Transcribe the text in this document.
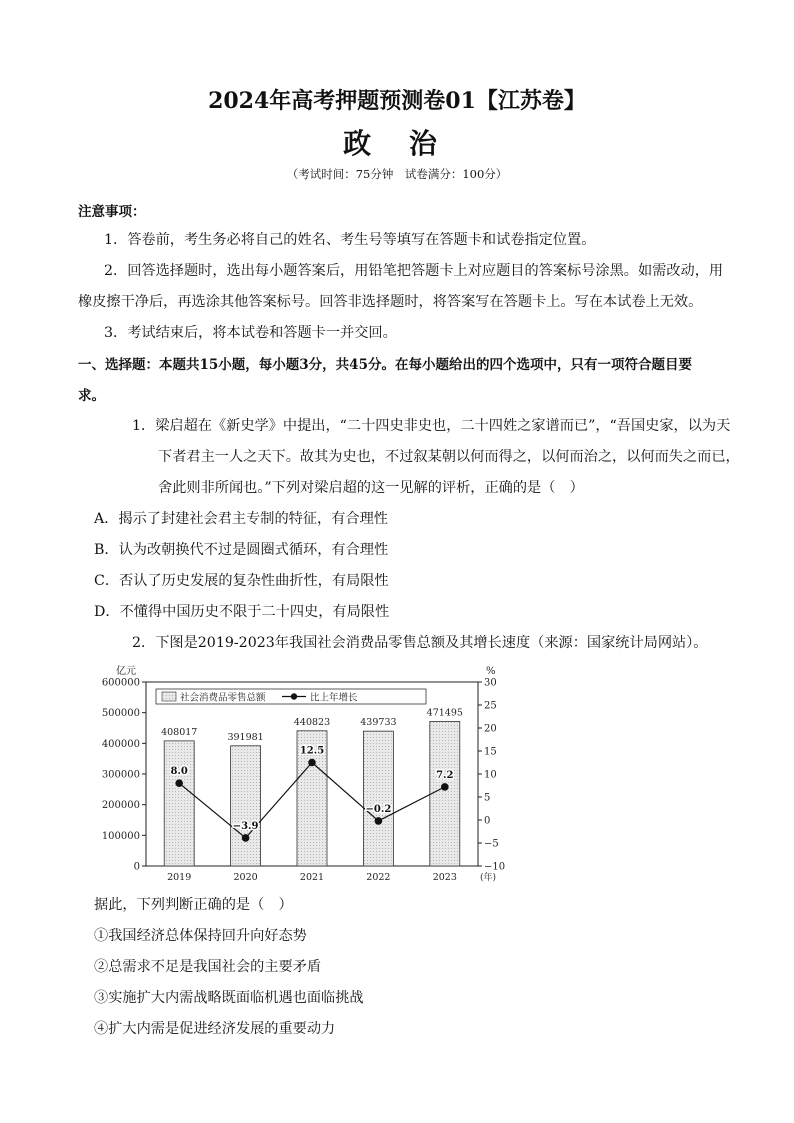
2024年高考押题预测卷01【江苏卷】
政 治
（考试时间：75分钟　试卷满分：100分）
注意事项：
1．答卷前，考生务必将自己的姓名、考生号等填写在答题卡和试卷指定位置。
2．回答选择题时，选出每小题答案后，用铅笔把答题卡上对应题目的答案标号涂黑。如需改动，用
橡皮擦干净后，再选涂其他答案标号。回答非选择题时，将答案写在答题卡上。写在本试卷上无效。
3．考试结束后，将本试卷和答题卡一并交回。
一、选择题：本题共15小题，每小题3分，共45分。在每小题给出的四个选项中，只有一项符合题目要
求。
1．梁启超在《新史学》中提出，“二十四史非史也，二十四姓之家谱而已”，“吾国史家，以为天
下者君主一人之天下。故其为史也，不过叙某朝以何而得之，以何而治之，以何而失之而已，
舍此则非所闻也。”下列对梁启超的这一见解的评析，正确的是（　）
A．揭示了封建社会君主专制的特征，有合理性
B．认为改朝换代不过是圆圈式循环，有合理性
C．否认了历史发展的复杂性曲折性，有局限性
D．不懂得中国历史不限于二十四史，有局限性
2．下图是2019-2023年我国社会消费品零售总额及其增长速度（来源：国家统计局网站）。
亿元	%
0
100000
200000
300000
400000
500000
600000
−10
−5
0
5
10
15
20
25
30
408017
2019
391981
2020
440823
2021
439733
2022
471495
2023	(年)
8.0
−3.9
12.5
−0.2
7.2
社会消费品零售总额	比上年增长
据此，下列判断正确的是（　）
①我国经济总体保持回升向好态势
②总需求不足是我国社会的主要矛盾
③实施扩大内需战略既面临机遇也面临挑战
④扩大内需是促进经济发展的重要动力
